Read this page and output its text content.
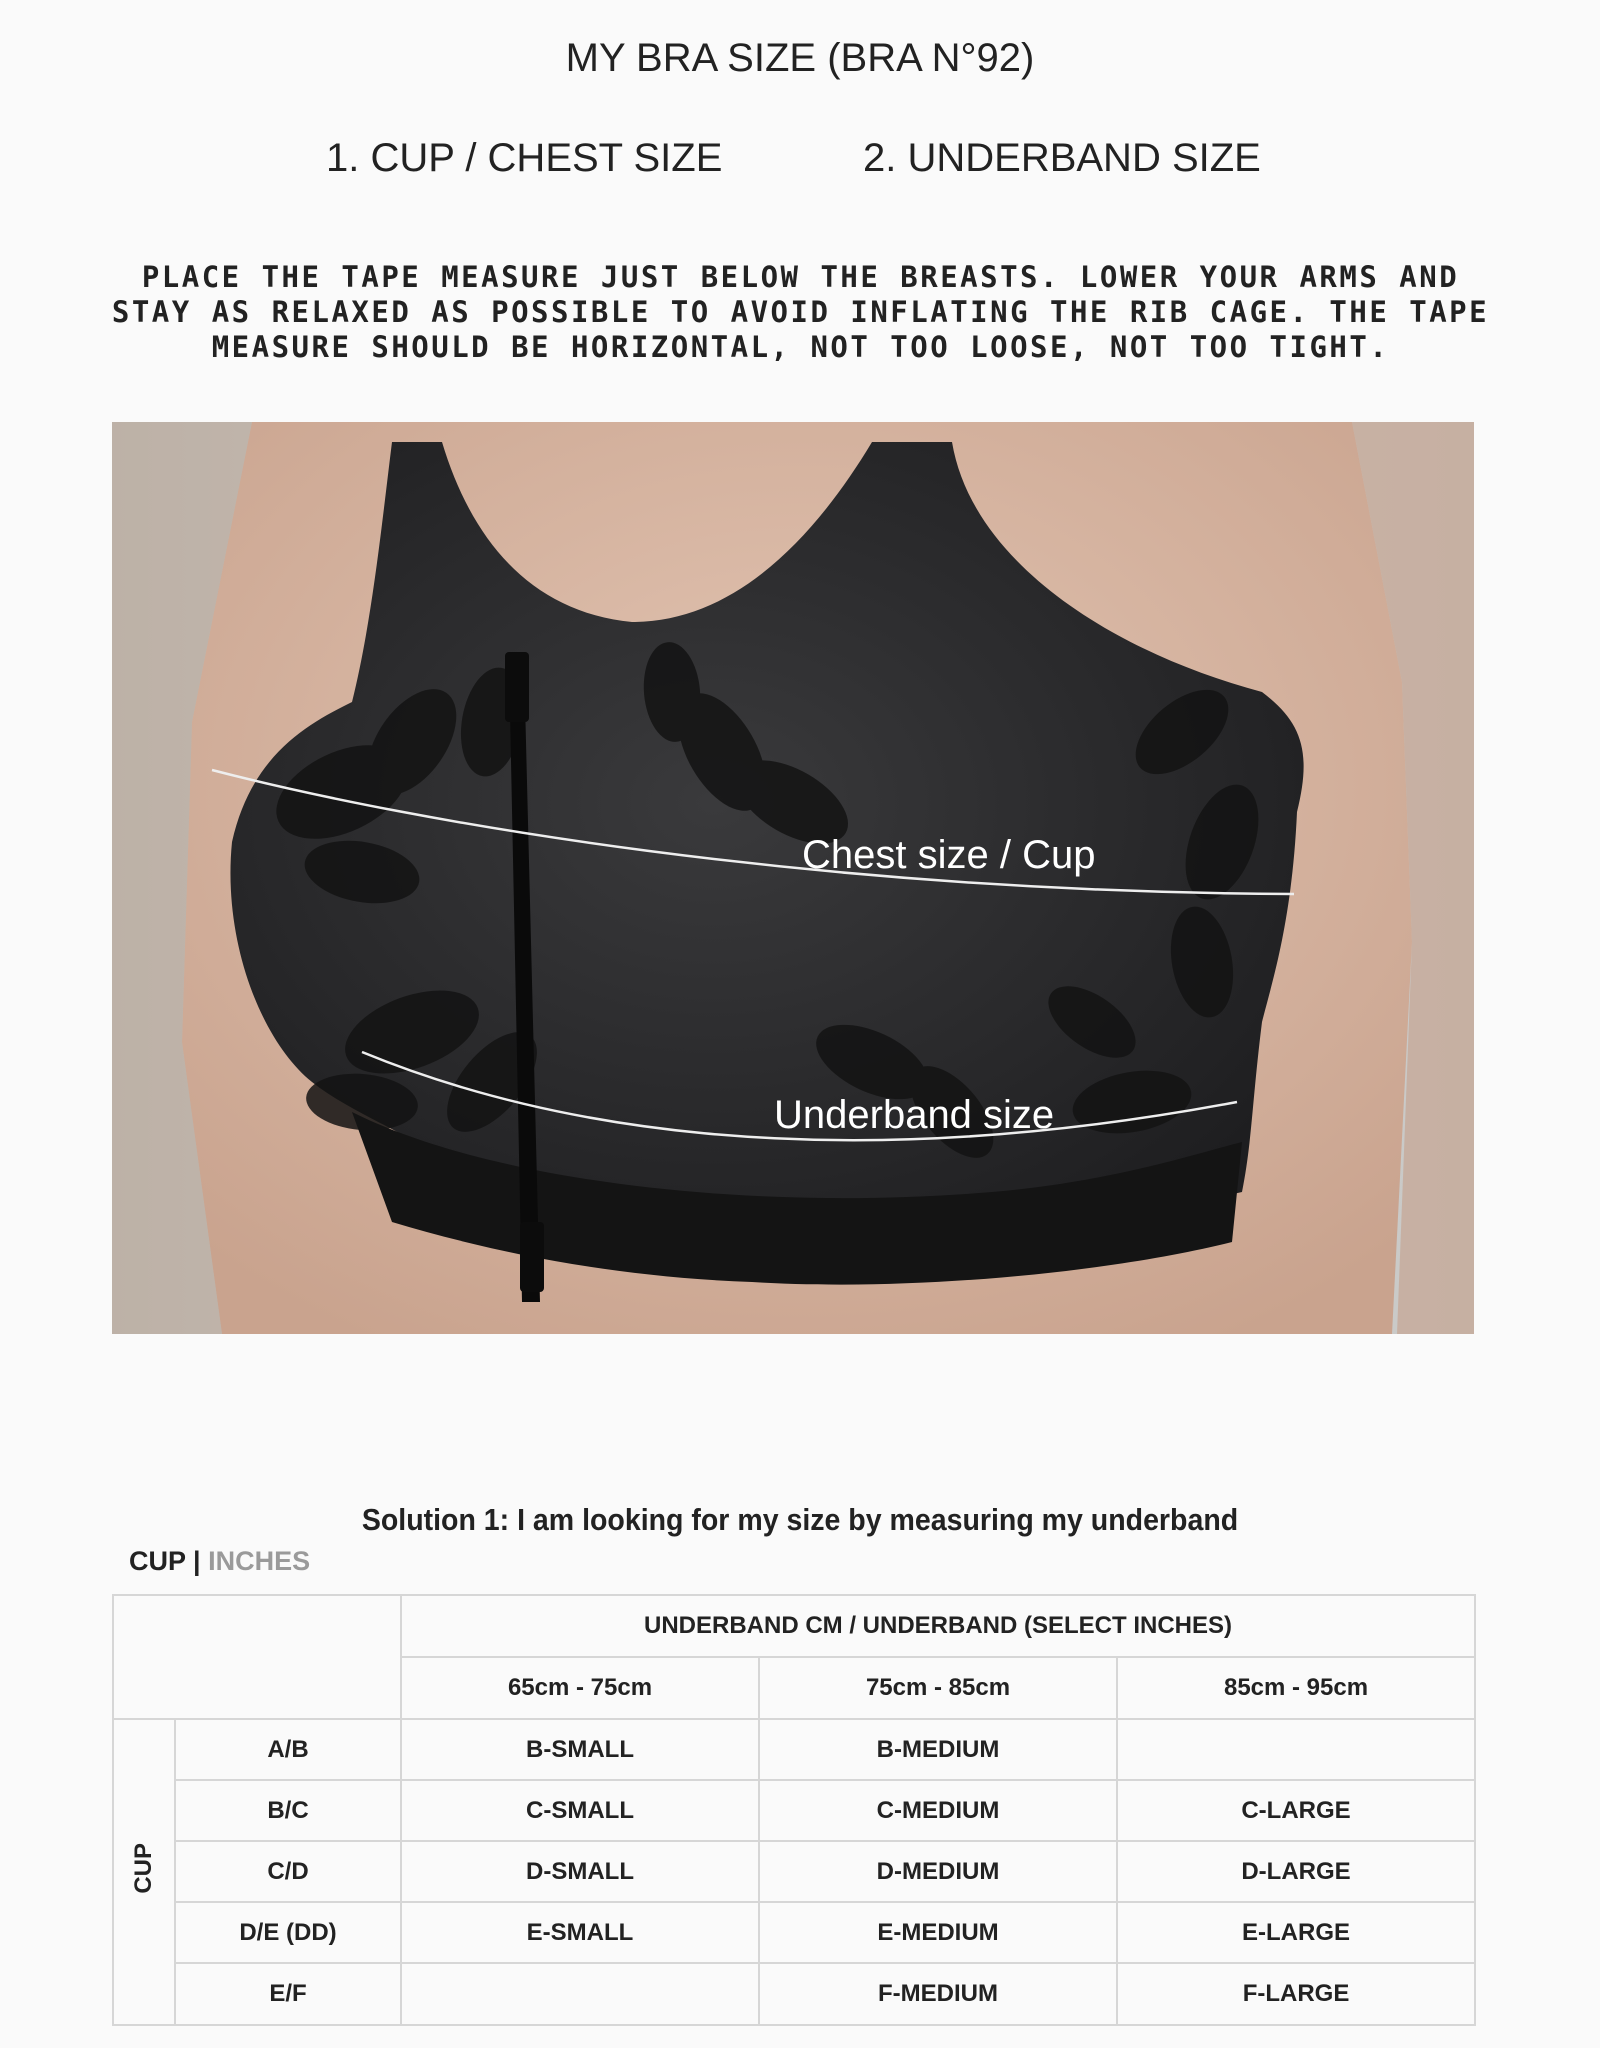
MY BRA SIZE (BRA N°92)
1. CUP / CHEST SIZE	2. UNDERBAND SIZE
PLACE THE TAPE MEASURE JUST BELOW THE BREASTS. LOWER YOUR ARMS AND STAY AS RELAXED AS POSSIBLE TO AVOID INFLATING THE RIB CAGE. THE TAPE MEASURE SHOULD BE HORIZONTAL, NOT TOO LOOSE, NOT TOO TIGHT.
Chest size / Cup
Underband size
Solution 1: I am looking for my size by measuring my underband
CUP | INCHES
		UNDERBAND CM / UNDERBAND (SELECT INCHES)		
		65cm - 75cm	75cm - 85cm	85cm - 95cm
CUP	A/B	B-SMALL	B-MEDIUM	
	B/C	C-SMALL	C-MEDIUM	C-LARGE
	C/D	D-SMALL	D-MEDIUM	D-LARGE
	D/E (DD)	E-SMALL	E-MEDIUM	E-LARGE
	E/F		F-MEDIUM	F-LARGE
